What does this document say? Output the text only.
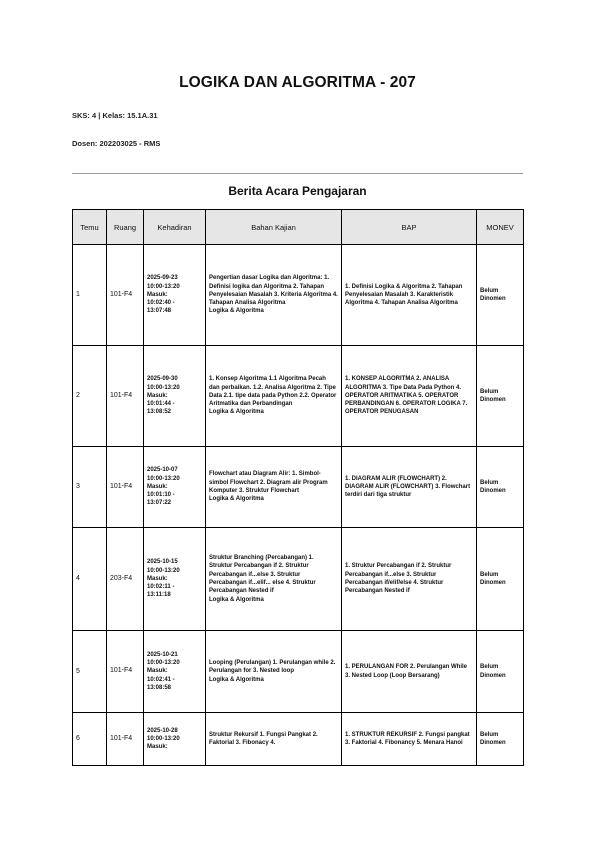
LOGIKA DAN ALGORITMA - 207
SKS: 4 | Kelas: 15.1A.31
Dosen: 202203025 - RMS
Berita Acara Pengajaran
Temu	Ruang	Kehadiran	Bahan Kajian	BAP	MONEV
1	101-F4	2025-09-23
10:00-13:20
Masuk:
10:02:40 -
13:07:48	Pengertian dasar Logika dan Algoritma: 1. Definisi logika dan Algoritma 2. Tahapan Penyelesaian Masalah 3. Kriteria Algoritma 4. Tahapan Analisa Algoritma
Logika & Algoritma	1. Definisi Logika & Algoritma 2. Tahapan Penyelesaian Masalah 3. Karakteristik Algoritma 4. Tahapan Analisa Algoritma	Belum Dinomen
2	101-F4	2025-09-30
10:00-13:20
Masuk:
10:01:44 -
13:08:52	1. Konsep Algoritma 1.1 Algoritma Pecah dan perbaikan. 1.2. Analisa Algoritma 2. Tipe Data 2.1. tipe data pada Python 2.2. Operator Aritmatika dan Perbandingan
Logika & Algoritma	1. KONSEP ALGORITMA 2. ANALISA ALGORITMA 3. Tipe Data Pada Python 4. OPERATOR ARITMATIKA 5. OPERATOR PERBANDINGAN 6. OPERATOR LOGIKA 7. OPERATOR PENUGASAN	Belum Dinomen
3	101-F4	2025-10-07
10:00-13:20
Masuk:
10:01:10 -
13:07:22	Flowchart atau Diagram Alir: 1. Simbol-simbol Flowchart 2. Diagram alir Program Komputer 3. Struktur Flowchart
Logika & Algoritma	1. DIAGRAM ALIR (FLOWCHART) 2. DIAGRAM ALIR (FLOWCHART) 3. Flowchart terdiri dari tiga struktur	Belum Dinomen
4	203-F4	2025-10-15
10:00-13:20
Masuk:
10:02:11 -
13:11:18	Struktur Branching (Percabangan) 1. Struktur Percabangan if 2. Struktur Percabangan if...else 3. Struktur Percabangan if...elif... else 4. Struktur Percabangan Nested if
Logika & Algoritma	1. Struktur Percabangan if 2. Struktur Percabangan if...else 3. Struktur Percabangan if/elif/else 4. Struktur Percabangan Nested if	Belum Dinomen
5	101-F4	2025-10-21
10:00-13:20
Masuk:
10:02:41 -
13:08:58	Looping (Perulangan) 1. Perulangan while 2. Perulangan for 3. Nested loop
Logika & Algoritma	1. PERULANGAN FOR 2. Perulangan While 3. Nested Loop (Loop Bersarang)	Belum Dinomen
6	101-F4	2025-10-28
10:00-13:20
Masuk:	Struktur Rekursif 1. Fungsi Pangkat 2. Faktorial 3. Fibonacy 4.	1. STRUKTUR REKURSIF 2. Fungsi pangkat 3. Faktorial 4. Fibonancy 5. Menara Hanoi	Belum Dinomen
